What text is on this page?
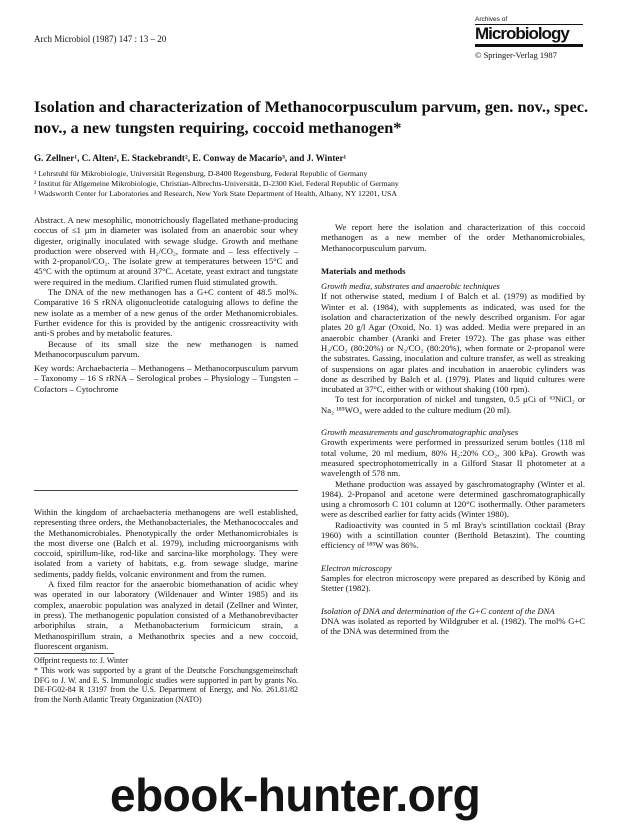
Arch Microbiol (1987) 147 : 13 – 20
Archives of
Microbiology
© Springer-Verlag 1987
Isolation and characterization of Methanocorpusculum parvum, gen. nov., spec. nov., a new tungsten requiring, coccoid methanogen*
G. Zellner¹, C. Alten², E. Stackebrandt², E. Conway de Macario³, and J. Winter¹
¹ Lehrstuhl für Mikrobiologie, Universität Regensburg, D-8400 Regensburg, Federal Republic of Germany
² Institut für Allgemeine Mikrobiologie, Christian-Albrechts-Universität, D-2300 Kiel, Federal Republic of Germany
³ Wadsworth Center for Laboratories and Research, New York State Department of Health, Albany, NY 12201, USA

Abstract. A new mesophilic, monotrichously flagellated methane-producing coccus of ≤1 µm in diameter was isolated from an anaerobic sour whey digester, originally inoculated with sewage sludge. Growth and methane production were observed with H₂/CO₂, formate and – less effectively – with 2-propanol/CO₂. The isolate grew at temperatures between 15°C and 45°C with the optimum at around 37°C. Acetate, yeast extract and tungstate were required in the medium. Clarified rumen fluid stimulated growth.

The DNA of the new methanogen has a G+C content of 48.5 mol%. Comparative 16 S rRNA oligonucleotide cataloguing allows to define the new isolate as a member of a new genus of the order Methanomicrobiales. Further evidence for this is provided by the antigenic crossreactivity with anti-S probes and by metabolic features.

Because of its small size the new methanogen is named Methanocorpusculum parvum.

Key words: Archaebacteria – Methanogens – Methanocorpusculum parvum – Taxonomy – 16 S rRNA – Serological probes – Physiology – Tungsten – Cofactors – Cytochrome

Within the kingdom of archaebacteria methanogens are well established, representing three orders, the Methanobacteriales, the Methanococcales and the Methanomicrobiales. Phenotypically the order Methanomicrobiales is the most diverse one (Balch et al. 1979), including microorganisms with coccoid, spirillum-like, rod-like and sarcina-like morphology. They were isolated from a variety of habitats, e.g. from sewage sludge, marine sediments, paddy fields, volcanic environment and from the rumen.

A fixed film reactor for the anaerobic biomethanation of acidic whey was operated in our laboratory (Wildenauer and Winter 1985) and its complex, anaerobic population was analyzed in detail (Zellner and Winter, in press). The methanogenic population consisted of a Methanobrevibacter arboriphilus strain, a Methanobacterium formicicum strain, a Methanospirillum strain, a Methanothrix species and a new coccoid, fluorescent organism.

Offprint requests to: J. Winter

* This work was supported by a grant of the Deutsche Forschungsgemeinschaft DFG to J. W. and E. S. Immunologic studies were supported in part by grants No. DE-FG02-84 R 13197 from the U.S. Department of Energy, and No. 261.81/82 from the North Atlantic Treaty Organization (NATO)

We report here the isolation and characterization of this coccoid methanogen as a new member of the order Methanomicrobiales, Methanocorpusculum parvum.

Materials and methods

Growth media, substrates and anaerobic techniques

If not otherwise stated, medium I of Balch et al. (1979) as modified by Winter et al. (1984), with supplements as indicated, was used for the isolation and characterization of the newly described organism. For agar plates 20 g/l Agar (Oxoid, No. 1) was added. Media were prepared in an anaerobic chamber (Aranki and Freter 1972). The gas phase was either H₂/CO₂ (80:20%) or N₂/CO₂ (80:20%), when formate or 2-propanol were the substrates. Gassing, inoculation and culture transfer, as well as streaking of suspensions on agar plates and incubation in anaerobic cylinders was done as described by Balch et al. (1979). Plates and liquid cultures were incubated at 37°C, either with or without shaking (100 rpm).

To test for incorporation of nickel and tungsten, 0.5 µCi of ⁶³NiCl₂ or Na₂ ¹⁸⁵WO₄ were added to the culture medium (20 ml).

Growth measurements and gaschromatographic analyses

Growth experiments were performed in pressurized serum bottles (118 ml total volume, 20 ml medium, 80% H₂:20% CO₂, 300 kPa). Growth was measured spectrophotometrically in a Gilford Stasar II photometer at a wavelength of 578 nm.

Methane production was assayed by gaschromatography (Winter et al. 1984). 2-Propanol and acetone were determined gaschromatographically using a chromosorb C 101 column at 120°C isothermally. Other parameters were as described earlier for fatty acids (Winter 1980).

Radioactivity was counted in 5 ml Bray's scintillation cocktail (Bray 1960) with a scintillation counter (Berthold Betaszint). The counting efficiency of ¹⁸⁵W was 86%.

Electron microscopy

Samples for electron microscopy were prepared as described by König and Stetter (1982).

Isolation of DNA and determination of the G+C content of the DNA

DNA was isolated as reported by Wildgruber et al. (1982). The mol% G+C of the DNA was determined from the

ebook-hunter.org
